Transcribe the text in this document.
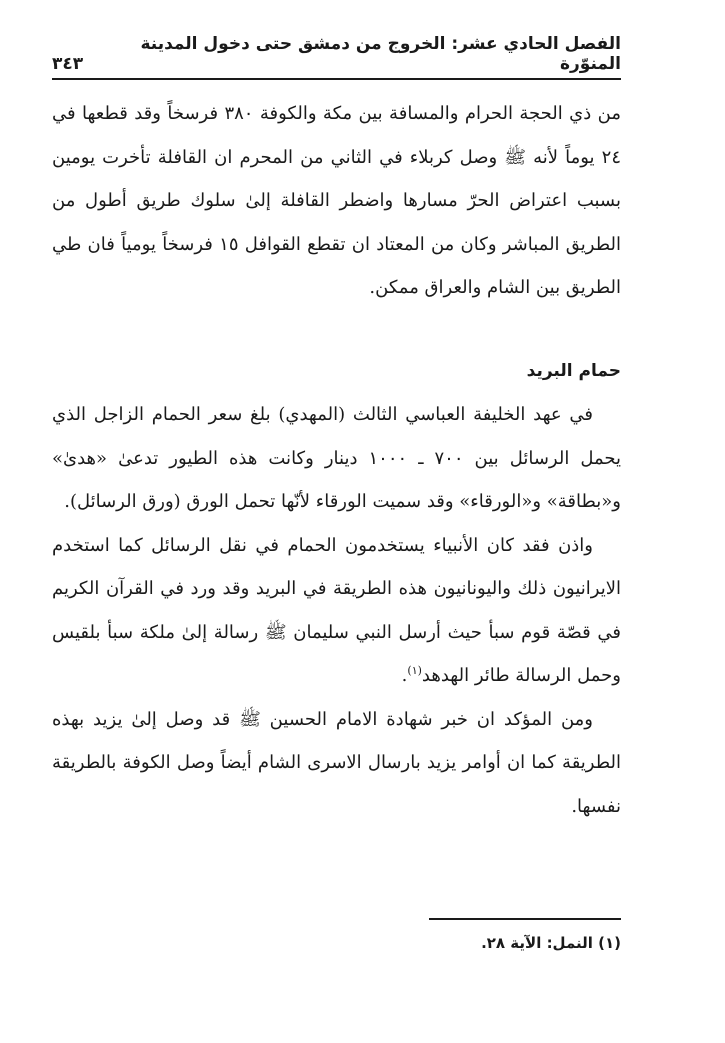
الفصل الحادي عشر: الخروج من دمشق حتى دخول المدينة المنوّرة
٣٤٣

من ذي الحجة الحرام والمسافة بين مكة والكوفة ٣٨٠ فرسخاً وقد قطعها في ٢٤ يوماً لأنه ﷺ وصل كربلاء في الثاني من المحرم ان القافلة تأخرت يومين بسبب اعتراض الحرّ مسارها واضطر القافلة إلىٰ سلوك طريق أطول من الطريق المباشر وكان من المعتاد ان تقطع القوافل ١٥ فرسخاً يومياً فان طي الطريق بين الشام والعراق ممكن.

حمام البريد

في عهد الخليفة العباسي الثالث (المهدي) بلغ سعر الحمام الزاجل الذي يحمل الرسائل بين ٧٠٠ ـ ١٠٠٠ دينار وكانت هذه الطيور تدعىٰ «هدىٰ» و«بطاقة» و«الورقاء» وقد سميت الورقاء لأنّها تحمل الورق (ورق الرسائل).

واذن فقد كان الأنبياء يستخدمون الحمام في نقل الرسائل كما استخدم الايرانيون ذلك واليونانيون هذه الطريقة في البريد وقد ورد في القرآن الكريم في قصّة قوم سبأ حيث أرسل النبي سليمان ﷺ رسالة إلىٰ ملكة سبأ بلقيس وحمل الرسالة طائر الهدهد$^{(١)}$.

ومن المؤكد ان خبر شهادة الامام الحسين ﷺ قد وصل إلىٰ يزيد بهذه الطريقة كما ان أوامر يزيد بارسال الاسرى الشام أيضاً وصل الكوفة بالطريقة نفسها.

(١) النمل: الآية ٢٨.
